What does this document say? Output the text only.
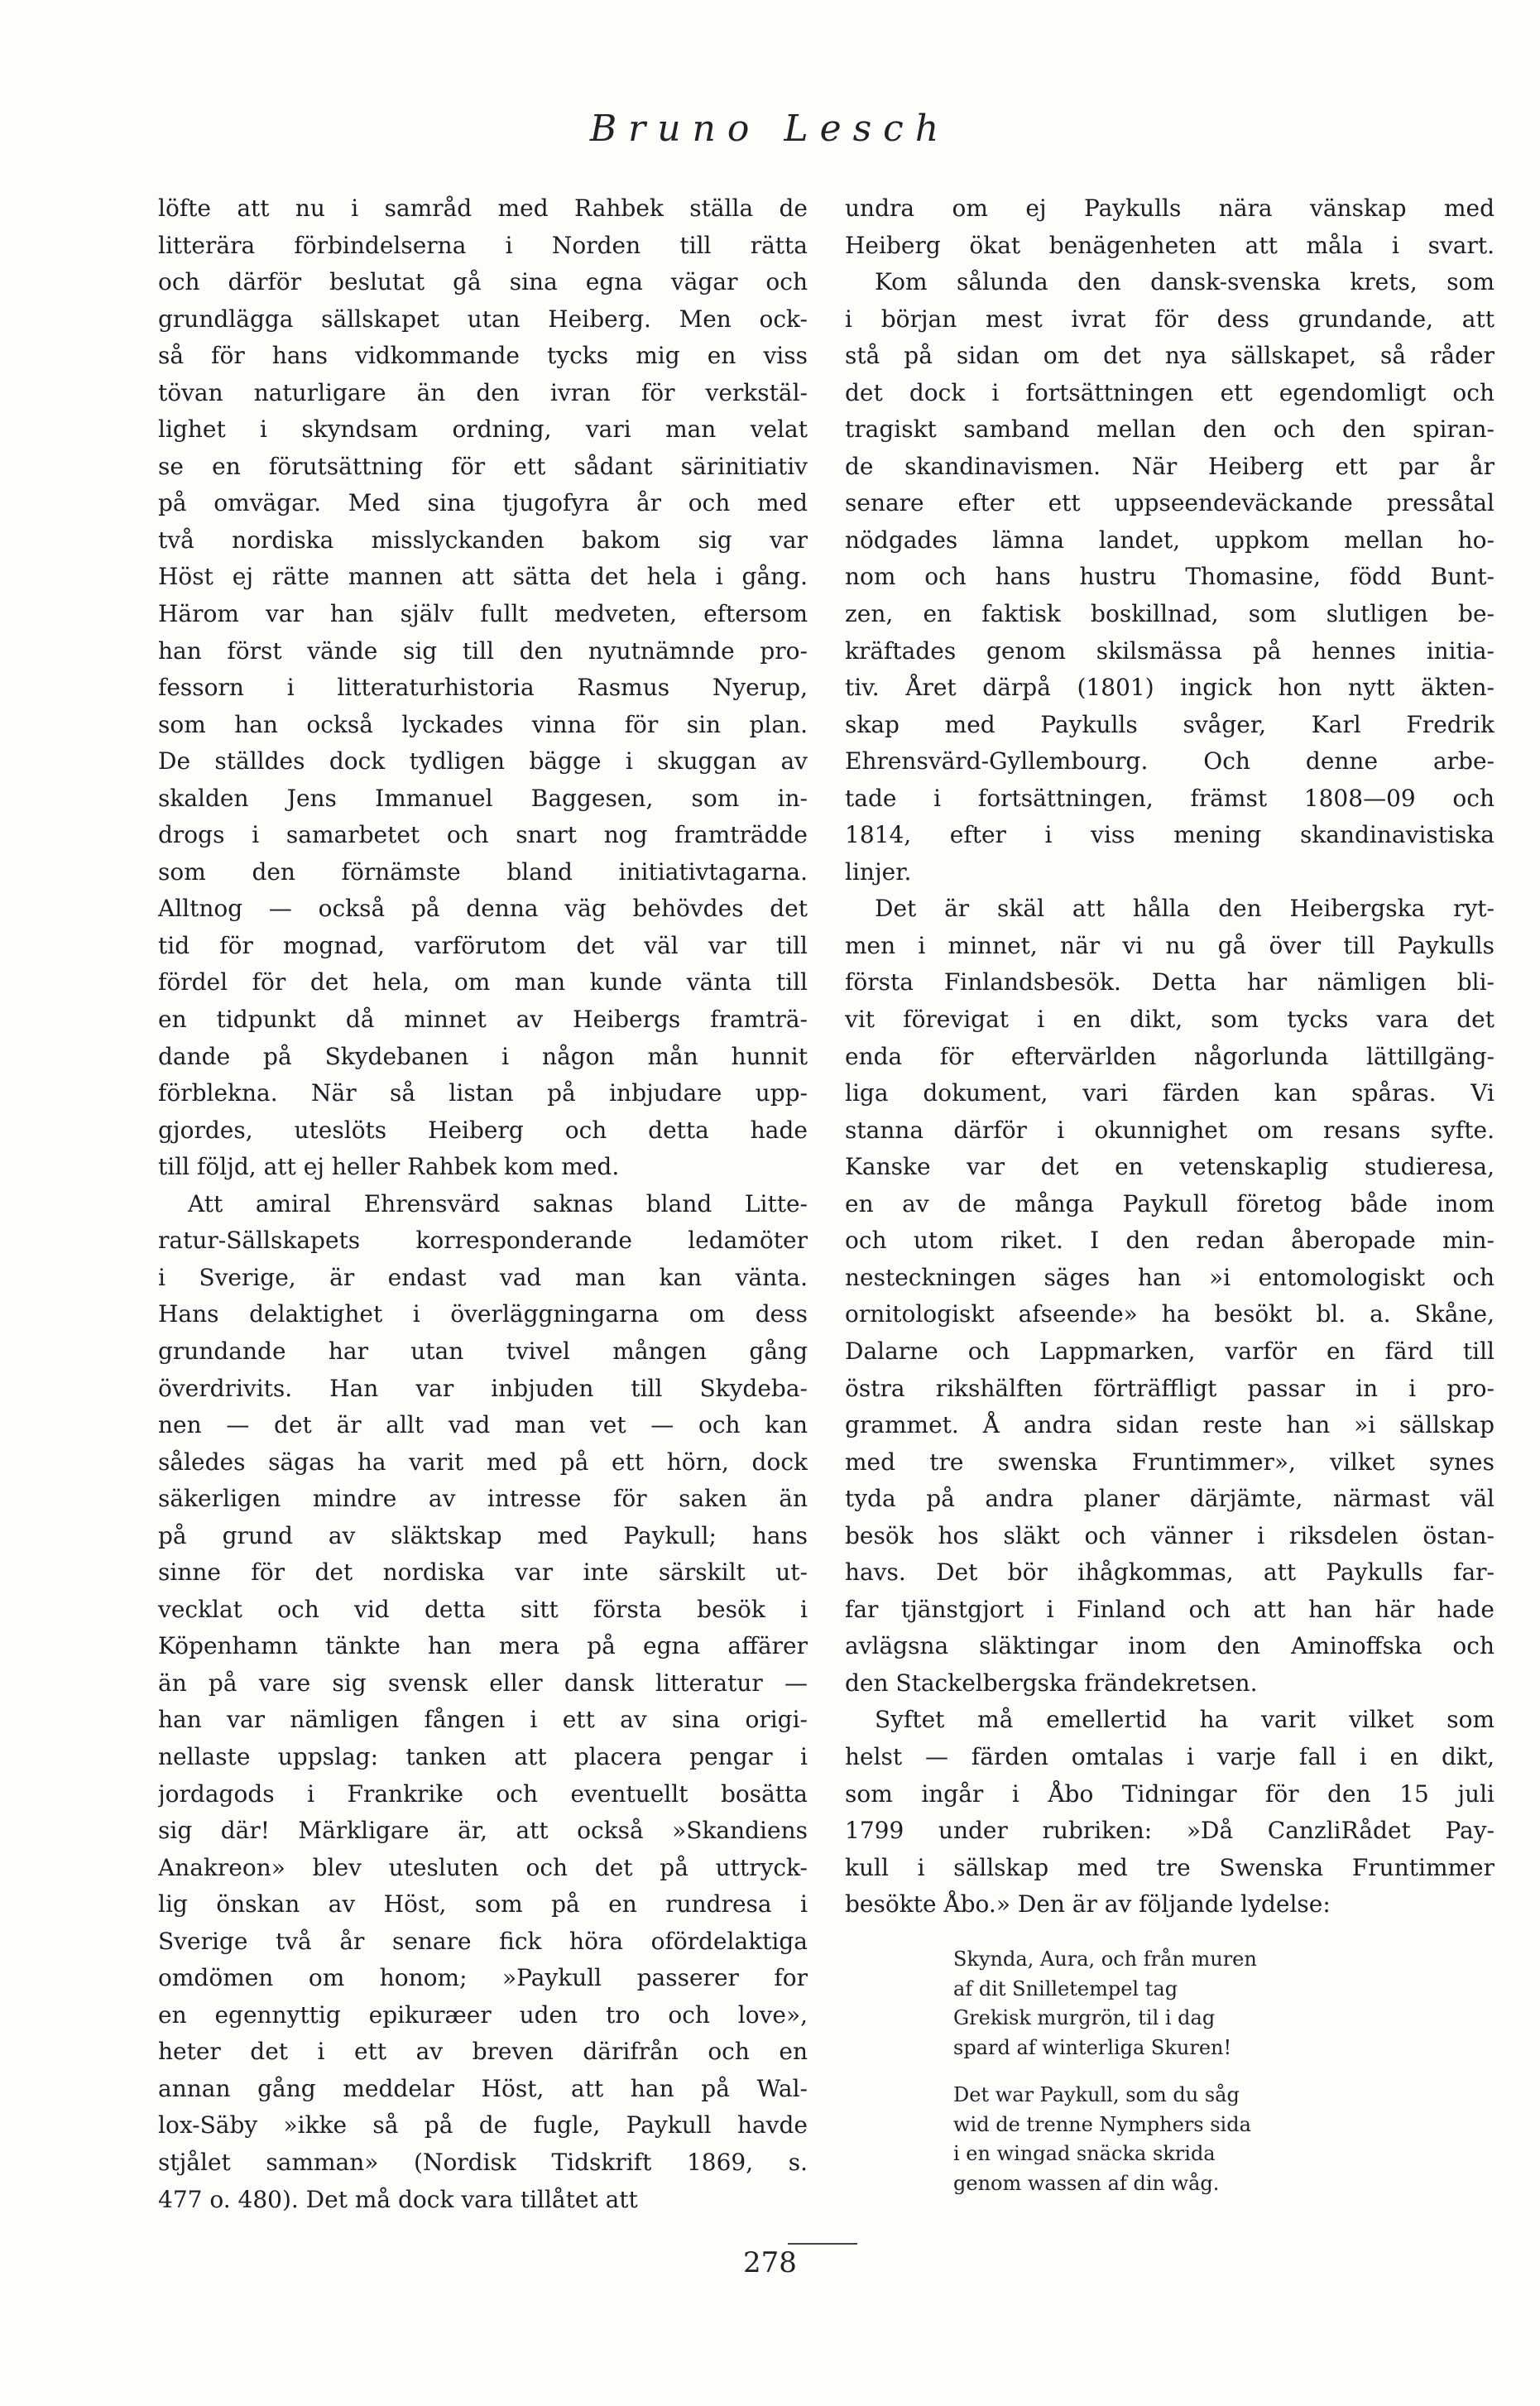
Bruno Lesch
löfte att nu i samråd med Rahbek ställa de
litterära förbindelserna i Norden till rätta
och därför beslutat gå sina egna vägar och
grundlägga sällskapet utan Heiberg. Men ock-
så för hans vidkommande tycks mig en viss
tövan naturligare än den ivran för verkstäl-
lighet i skyndsam ordning, vari man velat
se en förutsättning för ett sådant särinitiativ
på omvägar. Med sina tjugofyra år och med
två nordiska misslyckanden bakom sig var
Höst ej rätte mannen att sätta det hela i gång.
Härom var han själv fullt medveten, eftersom
han först vände sig till den nyutnämnde pro-
fessorn i litteraturhistoria Rasmus Nyerup,
som han också lyckades vinna för sin plan.
De ställdes dock tydligen bägge i skuggan av
skalden Jens Immanuel Baggesen, som in-
drogs i samarbetet och snart nog framträdde
som den förnämste bland initiativtagarna.
Alltnog — också på denna väg behövdes det
tid för mognad, varförutom det väl var till
fördel för det hela, om man kunde vänta till
en tidpunkt då minnet av Heibergs framträ-
dande på Skydebanen i någon mån hunnit
förblekna. När så listan på inbjudare upp-
gjordes, uteslöts Heiberg och detta hade
till följd, att ej heller Rahbek kom med.
Att amiral Ehrensvärd saknas bland Litte-
ratur-Sällskapets korresponderande ledamöter
i Sverige, är endast vad man kan vänta.
Hans delaktighet i överläggningarna om dess
grundande har utan tvivel mången gång
överdrivits. Han var inbjuden till Skydeba-
nen — det är allt vad man vet — och kan
således sägas ha varit med på ett hörn, dock
säkerligen mindre av intresse för saken än
på grund av släktskap med Paykull; hans
sinne för det nordiska var inte särskilt ut-
vecklat och vid detta sitt första besök i
Köpenhamn tänkte han mera på egna affärer
än på vare sig svensk eller dansk litteratur —
han var nämligen fången i ett av sina origi-
nellaste uppslag: tanken att placera pengar i
jordagods i Frankrike och eventuellt bosätta
sig där! Märkligare är, att också »Skandiens
Anakreon» blev utesluten och det på uttryck-
lig önskan av Höst, som på en rundresa i
Sverige två år senare fick höra ofördelaktiga
omdömen om honom; »Paykull passerer for
en egennyttig epikuræer uden tro och love»,
heter det i ett av breven därifrån och en
annan gång meddelar Höst, att han på Wal-
lox-Säby »ikke så på de fugle, Paykull havde
stjålet samman» (Nordisk Tidskrift 1869, s.
477 o. 480). Det må dock vara tillåtet att
undra om ej Paykulls nära vänskap med
Heiberg ökat benägenheten att måla i svart.
Kom sålunda den dansk-svenska krets, som
i början mest ivrat för dess grundande, att
stå på sidan om det nya sällskapet, så råder
det dock i fortsättningen ett egendomligt och
tragiskt samband mellan den och den spiran-
de skandinavismen. När Heiberg ett par år
senare efter ett uppseendeväckande pressåtal
nödgades lämna landet, uppkom mellan ho-
nom och hans hustru Thomasine, född Bunt-
zen, en faktisk boskillnad, som slutligen be-
kräftades genom skilsmässa på hennes initia-
tiv. Året därpå (1801) ingick hon nytt äkten-
skap med Paykulls svåger, Karl Fredrik
Ehrensvärd-Gyllembourg. Och denne arbe-
tade i fortsättningen, främst 1808—09 och
1814, efter i viss mening skandinavistiska
linjer.
Det är skäl att hålla den Heibergska ryt-
men i minnet, när vi nu gå över till Paykulls
första Finlandsbesök. Detta har nämligen bli-
vit förevigat i en dikt, som tycks vara det
enda för eftervärlden någorlunda lättillgäng-
liga dokument, vari färden kan spåras. Vi
stanna därför i okunnighet om resans syfte.
Kanske var det en vetenskaplig studieresa,
en av de många Paykull företog både inom
och utom riket. I den redan åberopade min-
nesteckningen säges han »i entomologiskt och
ornitologiskt afseende» ha besökt bl. a. Skåne,
Dalarne och Lappmarken, varför en färd till
östra rikshälften förträffligt passar in i pro-
grammet. Å andra sidan reste han »i sällskap
med tre swenska Fruntimmer», vilket synes
tyda på andra planer därjämte, närmast väl
besök hos släkt och vänner i riksdelen östan-
havs. Det bör ihågkommas, att Paykulls far-
far tjänstgjort i Finland och att han här hade
avlägsna släktingar inom den Aminoffska och
den Stackelbergska frändekretsen.
Syftet må emellertid ha varit vilket som
helst — färden omtalas i varje fall i en dikt,
som ingår i Åbo Tidningar för den 15 juli
1799 under rubriken: »Då CanzliRådet Pay-
kull i sällskap med tre Swenska Fruntimmer
besökte Åbo.» Den är av följande lydelse:
Skynda, Aura, och från muren
af dit Snilletempel tag
Grekisk murgrön, til i dag
spard af winterliga Skuren!
Det war Paykull, som du såg
wid de trenne Nymphers sida
i en wingad snäcka skrida
genom wassen af din wåg.
278
